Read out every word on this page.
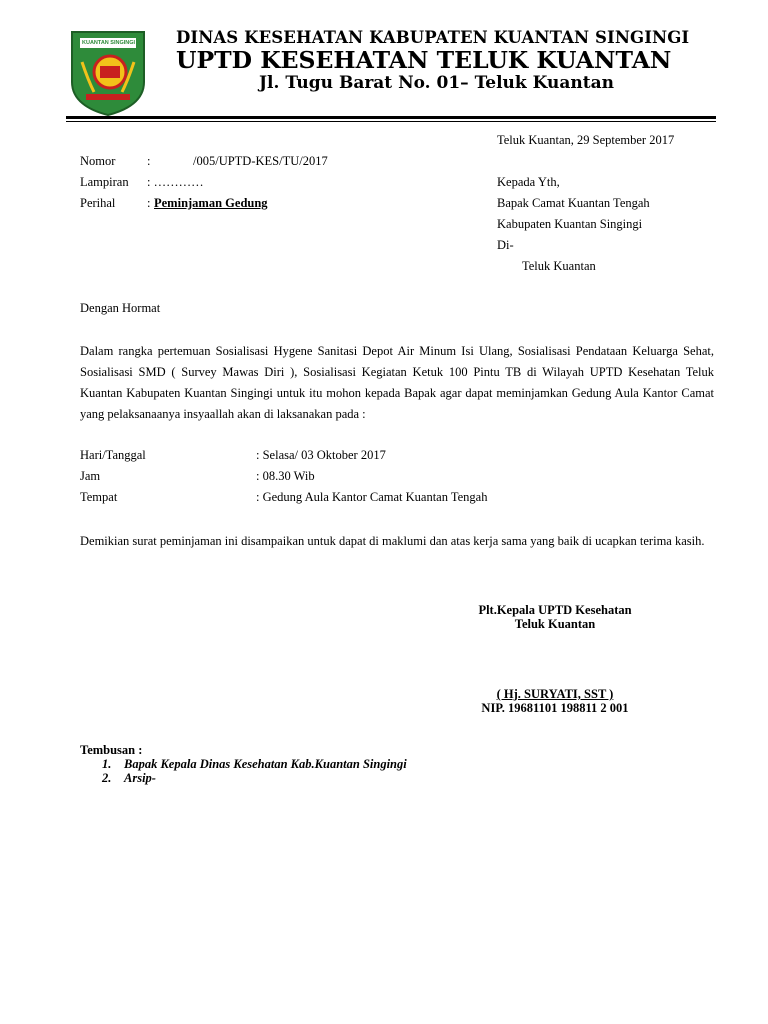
KUANTAN SINGINGI DINAS KESEHATAN KABUPATEN KUANTAN SINGINGI
UPTD KESEHATAN TELUK KUANTAN
Jl. Tugu Barat No. 01– Teluk Kuantan
Teluk Kuantan, 29 September 2017
Nomor	:	/005/UPTD-KES/TU/2017
Lampiran : …………
Perihal	: Peminjaman Gedung
Kepada Yth,
Bapak Camat Kuantan Tengah
Kabupaten Kuantan Singingi
Di-
Teluk Kuantan
Dengan Hormat
Dalam rangka pertemuan Sosialisasi Hygene Sanitasi Depot Air Minum Isi Ulang, Sosialisasi Pendataan Keluarga Sehat, Sosialisasi SMD ( Survey Mawas Diri ), Sosialisasi Kegiatan Ketuk 100 Pintu TB di Wilayah UPTD Kesehatan Teluk Kuantan Kabupaten Kuantan Singingi untuk itu mohon kepada Bapak agar dapat meminjamkan Gedung Aula Kantor Camat yang pelaksanaanya insyaallah akan di laksanakan pada :
Hari/Tanggal	: Selasa/ 03 Oktober 2017
Jam	: 08.30 Wib
Tempat	: Gedung Aula Kantor Camat Kuantan Tengah
Demikian surat peminjaman ini disampaikan untuk dapat di maklumi dan atas kerja sama yang baik di ucapkan terima kasih.
Plt.Kepala UPTD Kesehatan
Teluk Kuantan
( Hj. SURYATI, SST )
NIP. 19681101 198811 2 001
Tembusan :
1. Bapak Kepala Dinas Kesehatan Kab.Kuantan Singingi
2. Arsip-
